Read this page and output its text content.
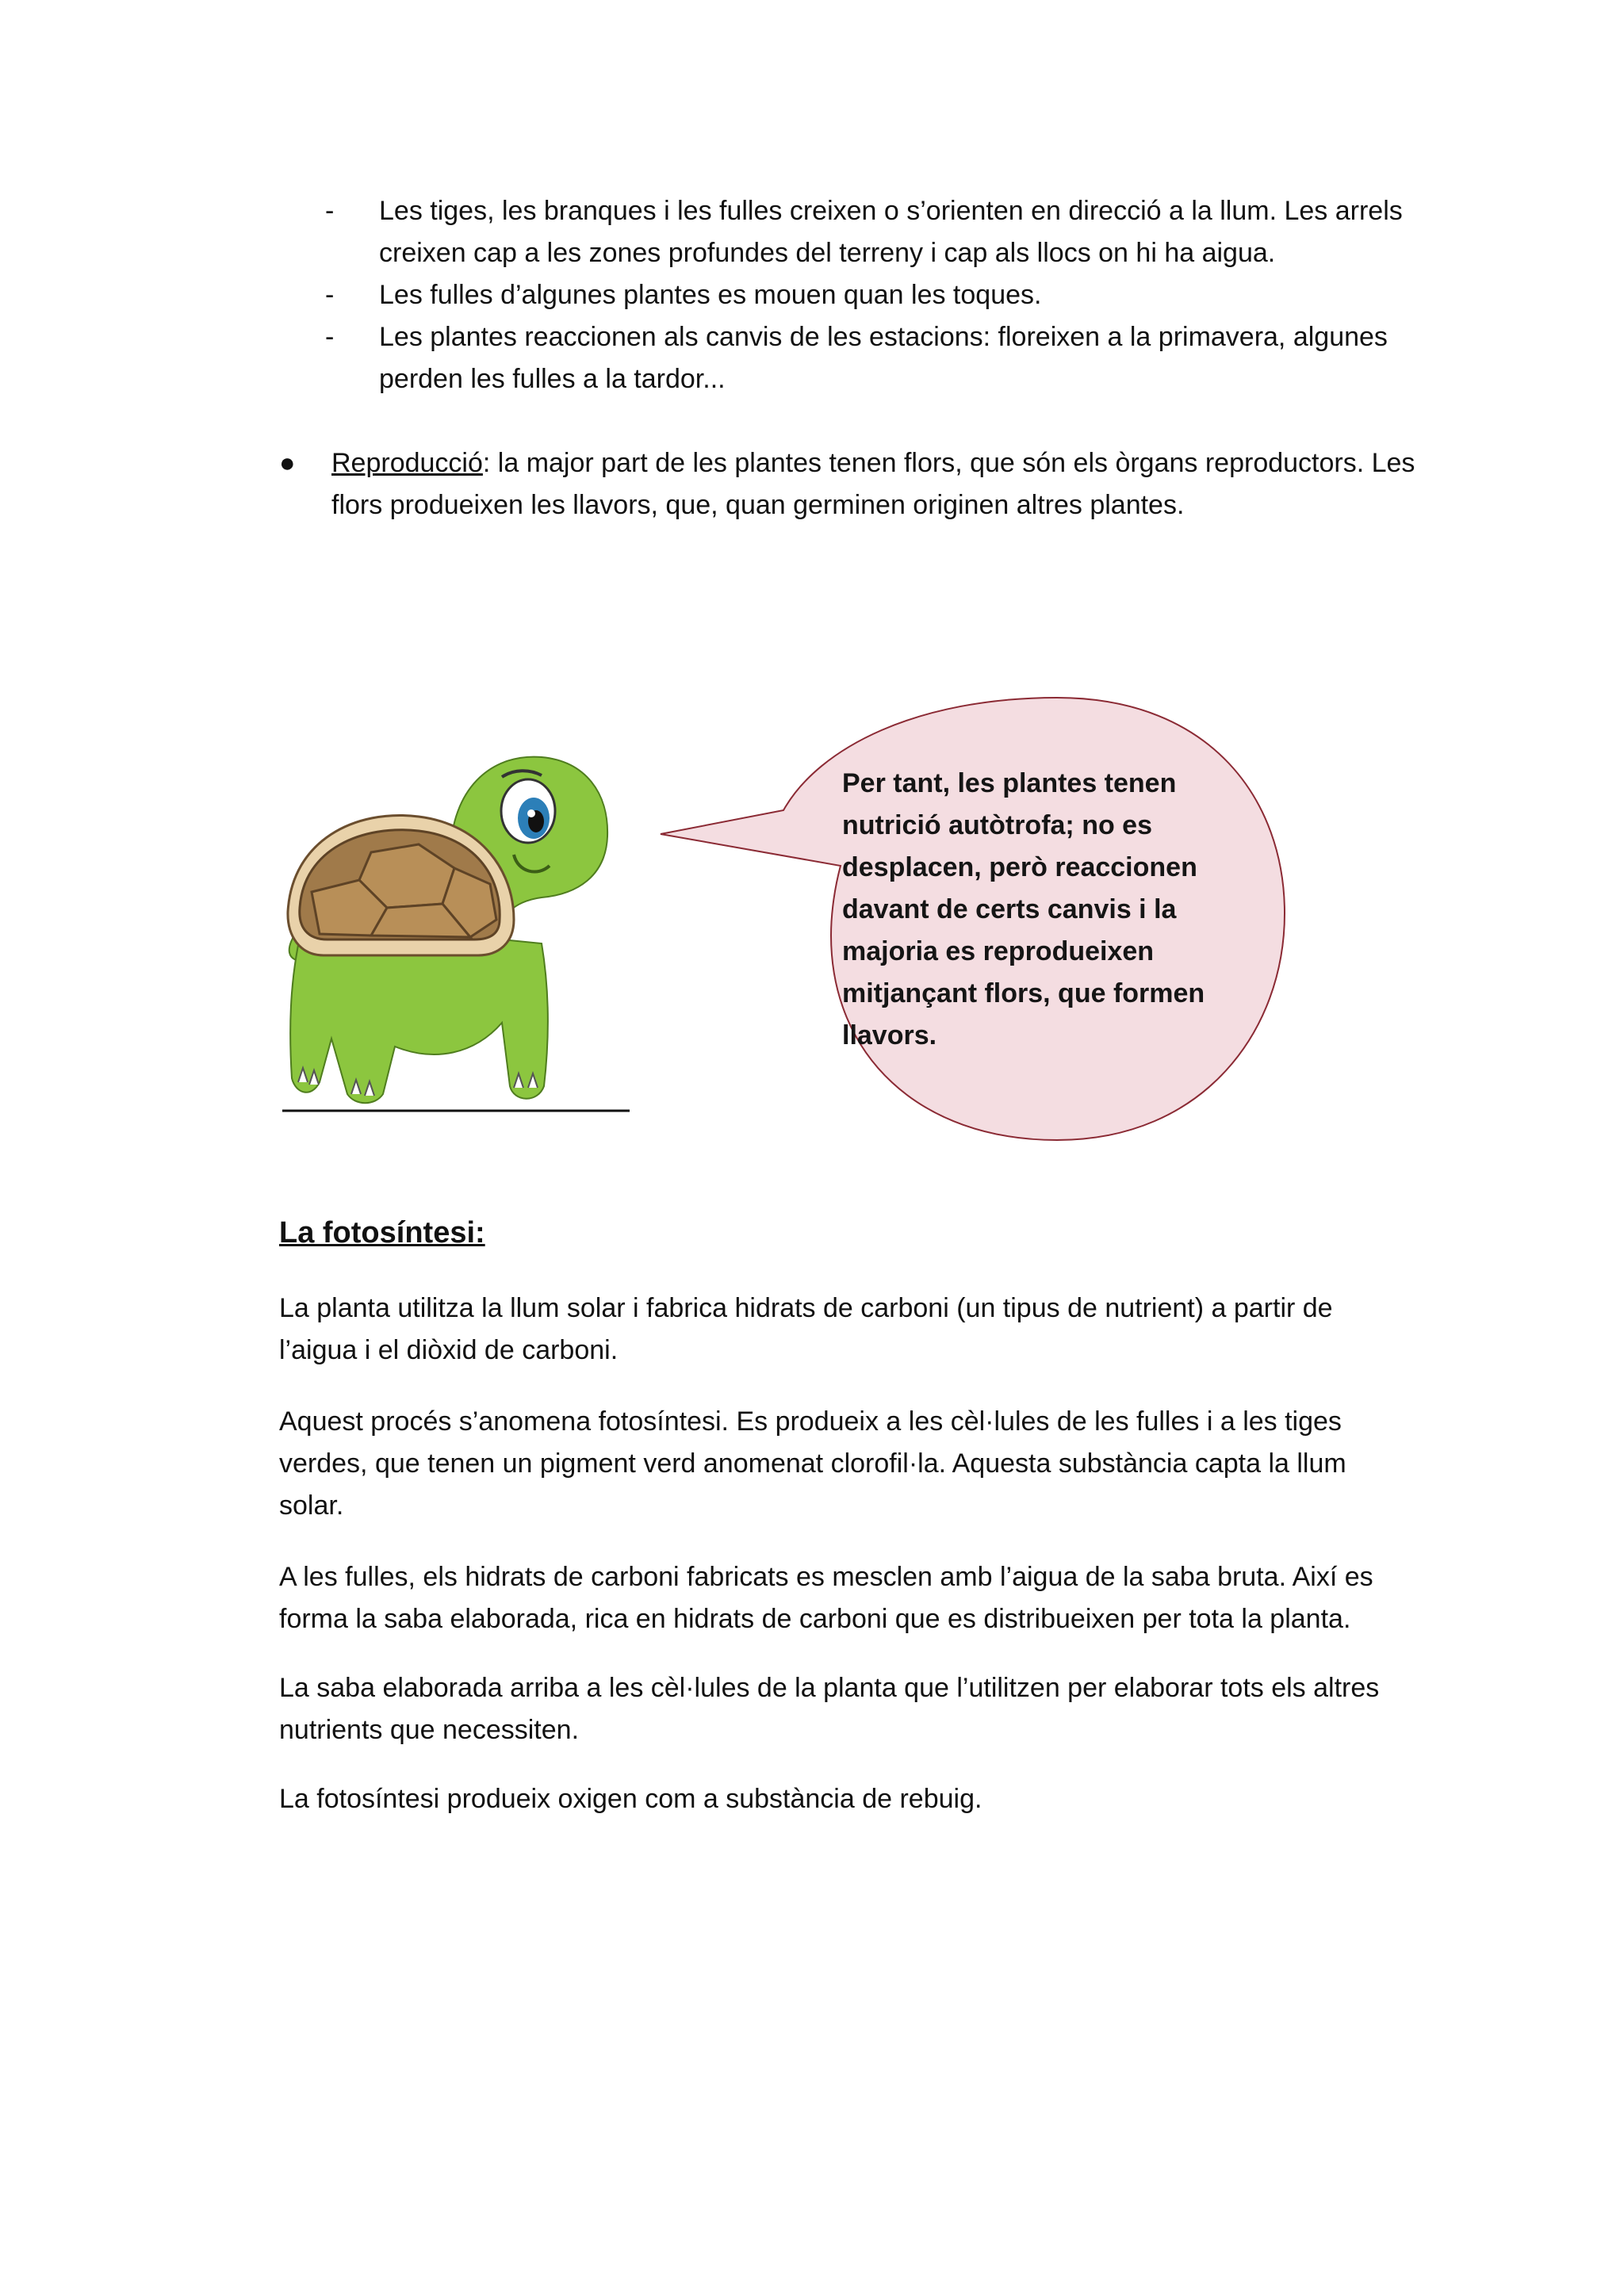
- Les tiges, les branques i les fulles creixen o s’orienten en direcció a la llum. Les arrels creixen cap a les zones profundes del terreny i cap als llocs on hi ha aigua.
- Les fulles d’algunes plantes es mouen quan les toques.
- Les plantes reaccionen als canvis de les estacions: floreixen a la primavera, algunes perden les fulles a la tardor...
●	Reproducció: la major part de les plantes tenen flors, que són els òrgans reproductors. Les flors produeixen les llavors, que, quan germinen originen altres plantes.
Per tant, les plantes tenen nutrició autòtrofa; no es desplacen, però reaccionen davant de certs canvis i la majoria es reprodueixen mitjançant flors, que formen llavors.
La fotosíntesi:

La planta utilitza la llum solar i fabrica hidrats de carboni (un tipus de nutrient) a partir de l’aigua i el diòxid de carboni.

Aquest procés s’anomena fotosíntesi. Es produeix a les cèl·lules de les fulles i a les tiges verdes, que tenen un pigment verd anomenat clorofil·la. Aquesta substància capta la llum solar.

A les fulles, els hidrats de carboni fabricats es mesclen amb l’aigua de la saba bruta. Així es forma la saba elaborada, rica en hidrats de carboni que es distribueixen per tota la planta.

La saba elaborada arriba a les cèl·lules de la planta que l’utilitzen per elaborar tots els altres nutrients que necessiten.

La fotosíntesi produeix oxigen com a substància de rebuig.
